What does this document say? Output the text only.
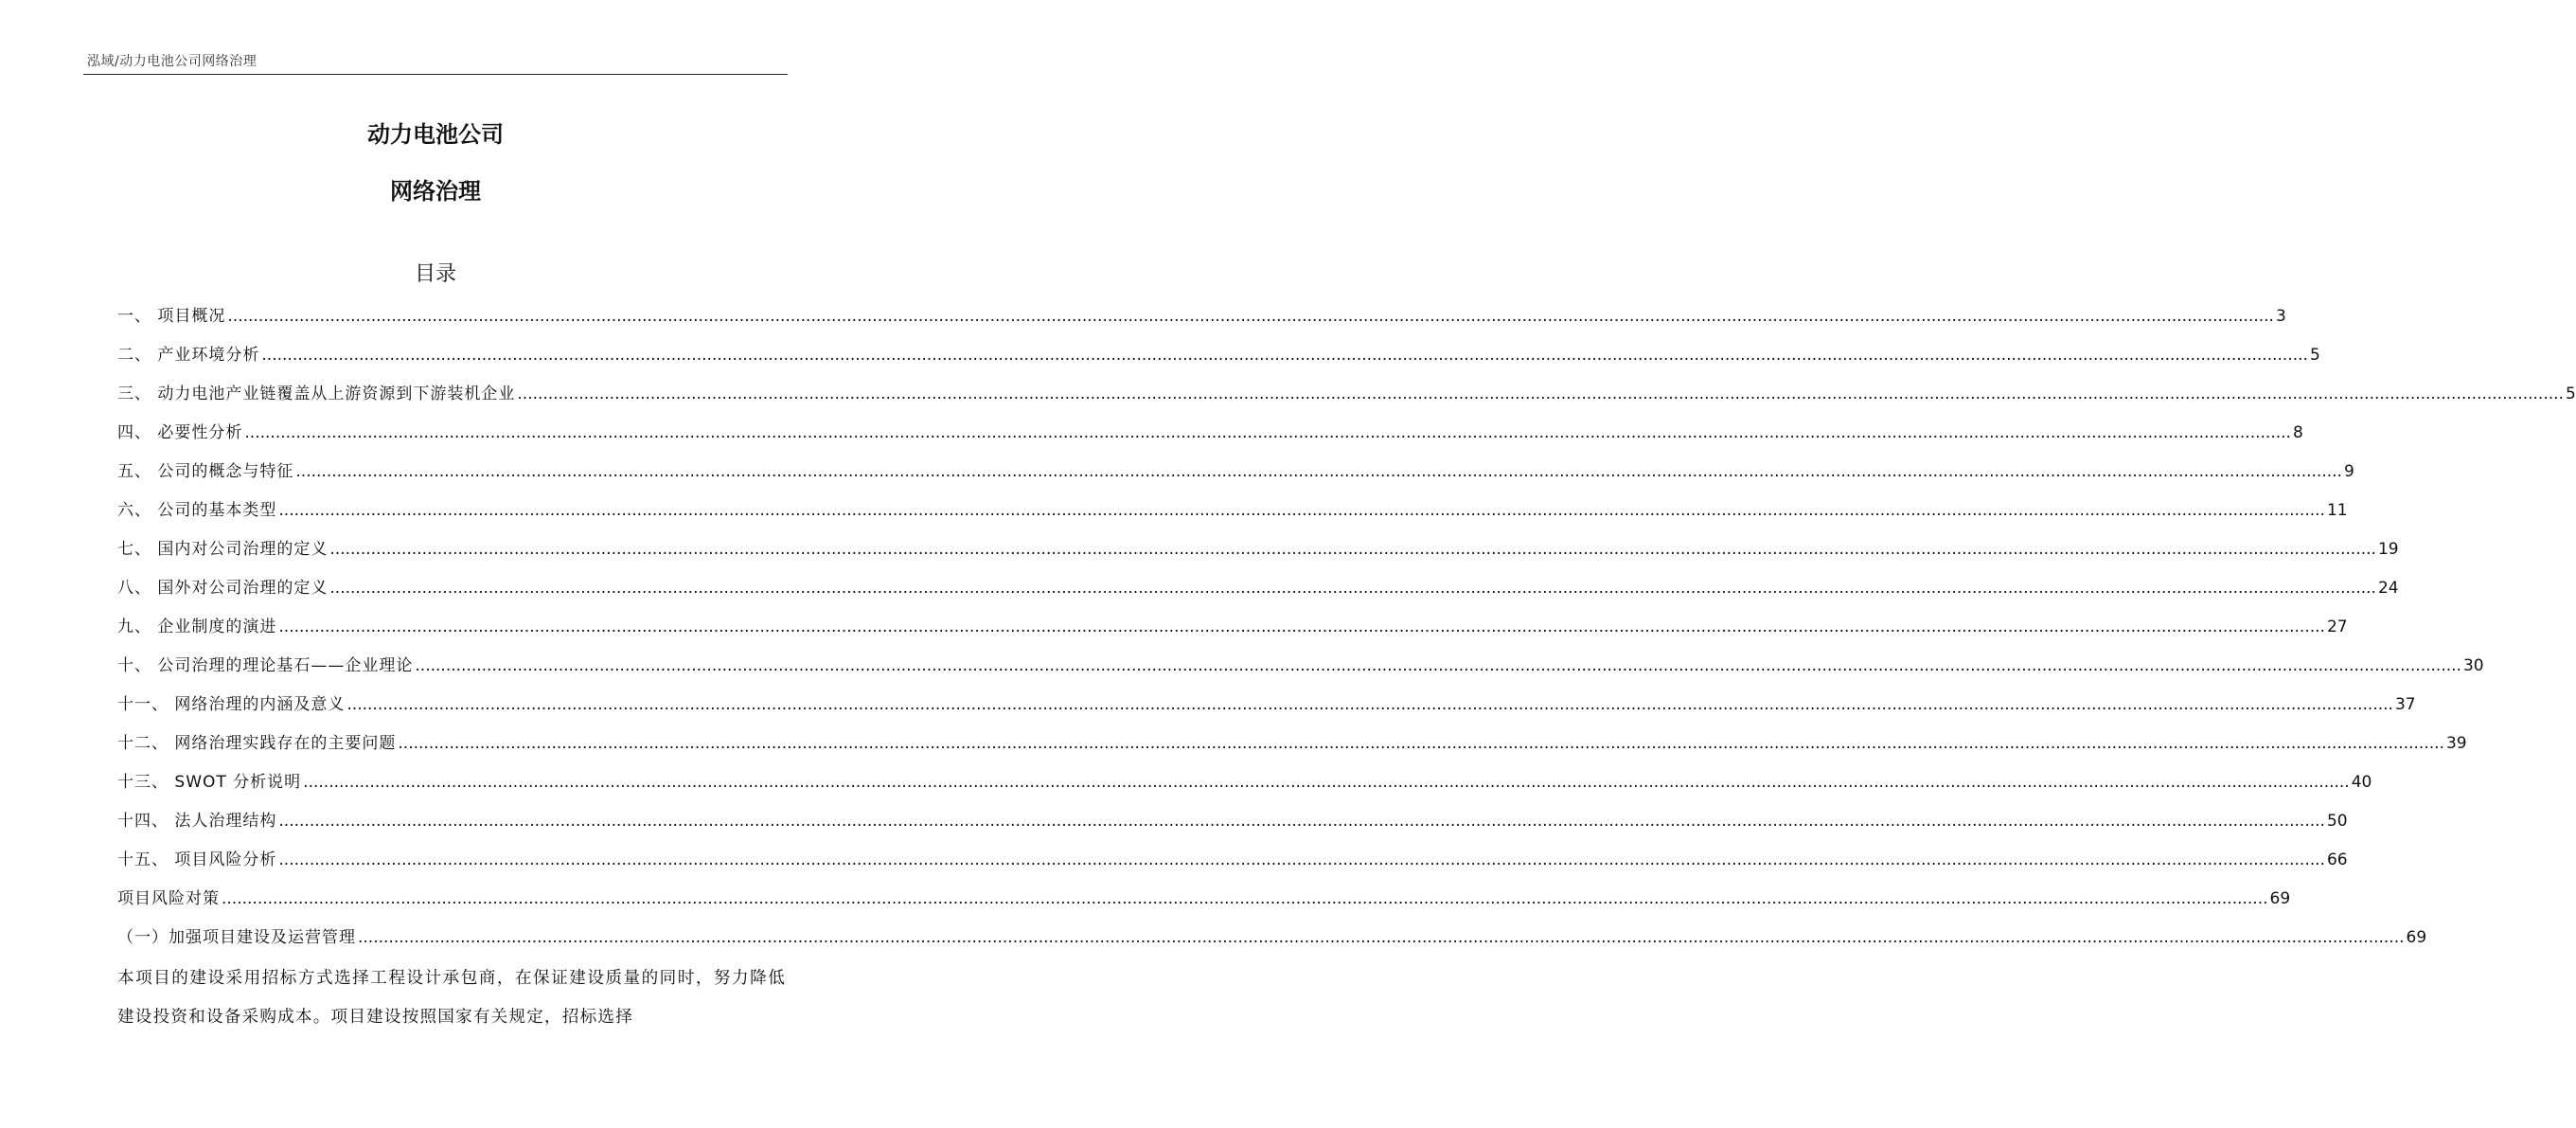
泓域/动力电池公司网络治理
动力电池公司
网络治理
目录
一、 项目概况 ................................................................................................................................................................................................................................................................................................................................................................................................................ 3
二、 产业环境分析 ................................................................................................................................................................................................................................................................................................................................................................................................................ 5
三、 动力电池产业链覆盖从上游资源到下游装机企业 ................................................................................................................................................................................................................................................................................................................................................................................................................ 5
四、 必要性分析 ................................................................................................................................................................................................................................................................................................................................................................................................................ 8
五、 公司的概念与特征 ................................................................................................................................................................................................................................................................................................................................................................................................................ 9
六、 公司的基本类型 ................................................................................................................................................................................................................................................................................................................................................................................................................ 11
七、 国内对公司治理的定义 ................................................................................................................................................................................................................................................................................................................................................................................................................ 19
八、 国外对公司治理的定义 ................................................................................................................................................................................................................................................................................................................................................................................................................ 24
九、 企业制度的演进 ................................................................................................................................................................................................................................................................................................................................................................................................................ 27
十、 公司治理的理论基石——企业理论 ................................................................................................................................................................................................................................................................................................................................................................................................................ 30
十一、 网络治理的内涵及意义 ................................................................................................................................................................................................................................................................................................................................................................................................................ 37
十二、 网络治理实践存在的主要问题 ................................................................................................................................................................................................................................................................................................................................................................................................................ 39
十三、 SWOT 分析说明 ................................................................................................................................................................................................................................................................................................................................................................................................................ 40
十四、 法人治理结构 ................................................................................................................................................................................................................................................................................................................................................................................................................ 50
十五、 项目风险分析 ................................................................................................................................................................................................................................................................................................................................................................................................................ 66
项目风险对策 ................................................................................................................................................................................................................................................................................................................................................................................................................ 69
（一）加强项目建设及运营管理 ................................................................................................................................................................................................................................................................................................................................................................................................................ 69
本项目的建设采用招标方式选择工程设计承包商，在保证建设质量的同时，努力降低建设投资和设备采购成本。项目建设按照国家有关规定，招标选择
